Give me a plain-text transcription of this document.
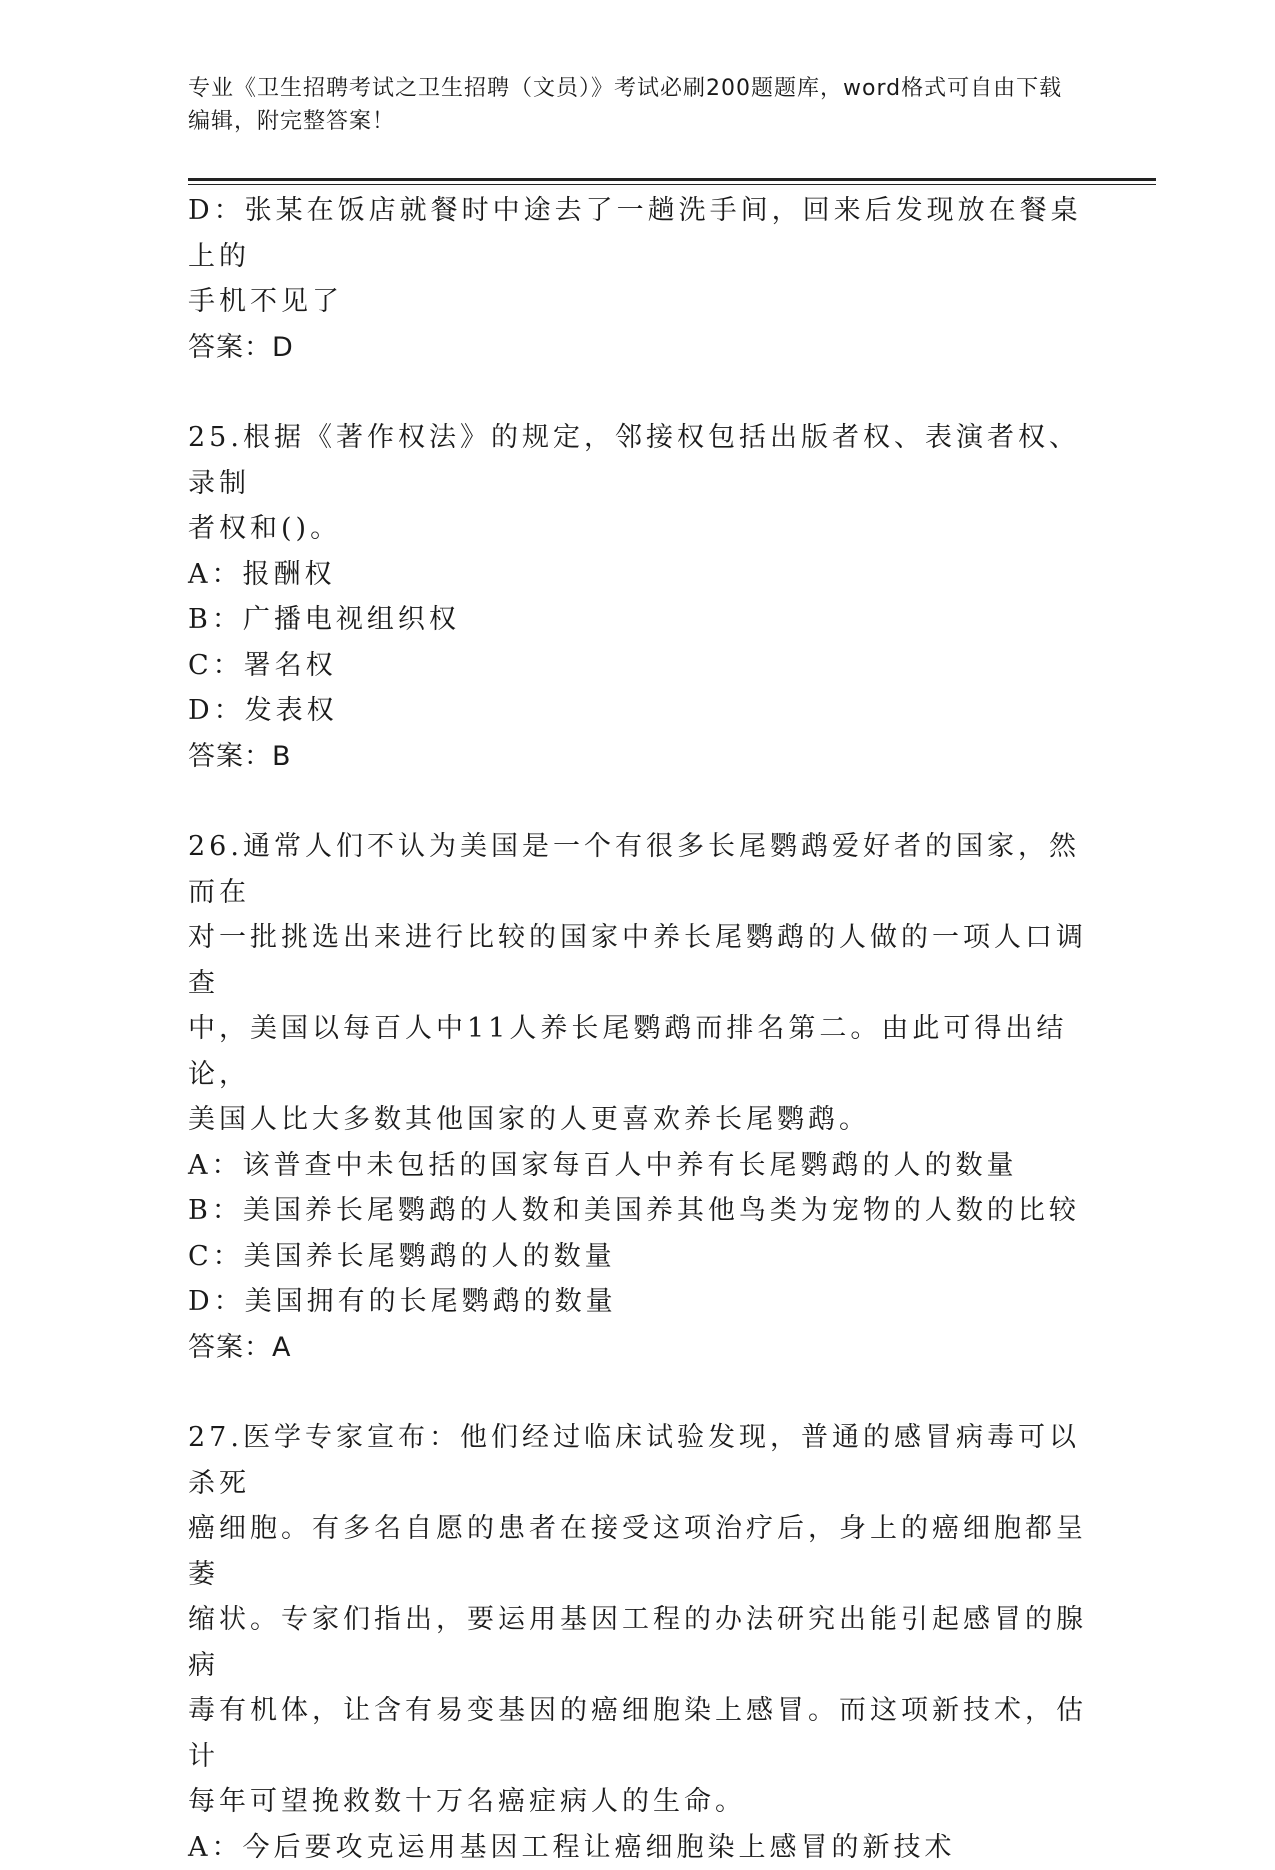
专业《卫生招聘考试之卫生招聘（文员）》考试必刷200题题库，word格式可自由下载编辑，附完整答案！
D：张某在饭店就餐时中途去了一趟洗手间，回来后发现放在餐桌上的
手机不见了
答案：D
25.根据《著作权法》的规定，邻接权包括出版者权、表演者权、录制
者权和()。
A：报酬权
B：广播电视组织权
C：署名权
D：发表权
答案：B
26.通常人们不认为美国是一个有很多长尾鹦鹉爱好者的国家，然而在
对一批挑选出来进行比较的国家中养长尾鹦鹉的人做的一项人口调查
中，美国以每百人中11人养长尾鹦鹉而排名第二。由此可得出结论，
美国人比大多数其他国家的人更喜欢养长尾鹦鹉。
A：该普查中未包括的国家每百人中养有长尾鹦鹉的人的数量
B：美国养长尾鹦鹉的人数和美国养其他鸟类为宠物的人数的比较
C：美国养长尾鹦鹉的人的数量
D：美国拥有的长尾鹦鹉的数量
答案：A
27.医学专家宣布：他们经过临床试验发现，普通的感冒病毒可以杀死
癌细胞。有多名自愿的患者在接受这项治疗后，身上的癌细胞都呈萎
缩状。专家们指出，要运用基因工程的办法研究出能引起感冒的腺病
毒有机体，让含有易变基因的癌细胞染上感冒。而这项新技术，估计
每年可望挽救数十万名癌症病人的生命。
A：今后要攻克运用基因工程让癌细胞染上感冒的新技术
